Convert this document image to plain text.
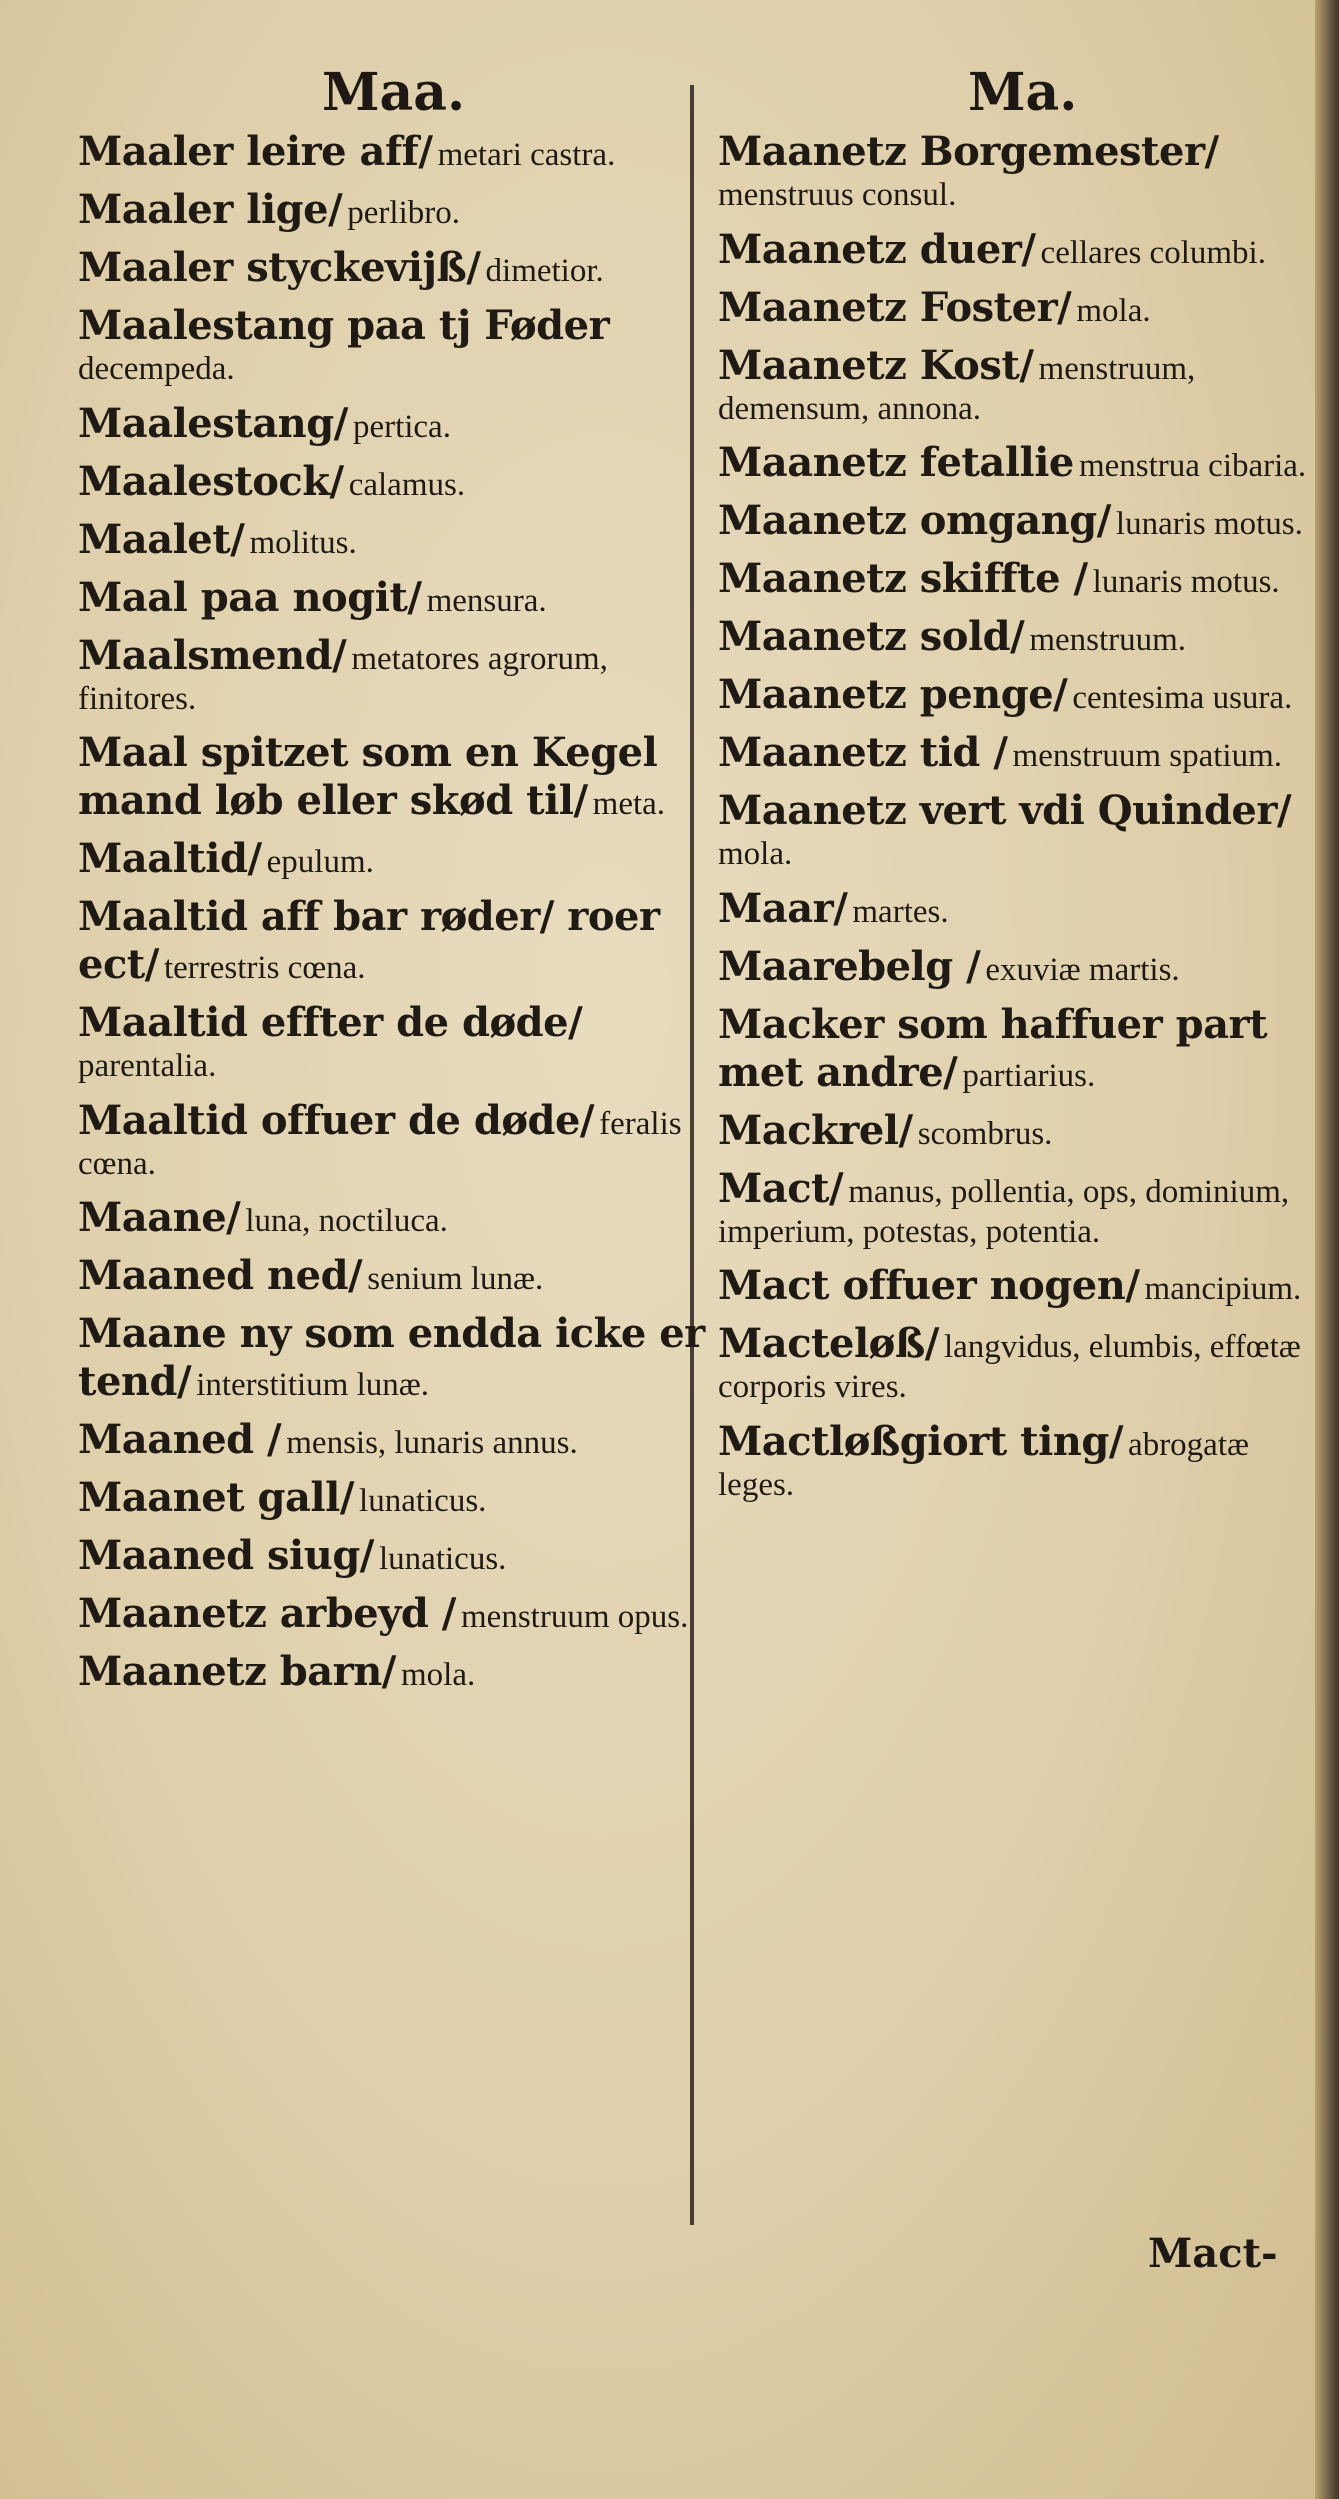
Maa.	Ma.
Maaler leire aff/ metari castra.
Maaler lige/ perlibro.
Maaler styckevijß/ dimetior.
Maalestang paa tj Føder decempeda.
Maalestang/ pertica.
Maalestock/ calamus.
Maalet/ molitus.
Maal paa nogit/ mensura.
Maalsmend/ metatores agrorum, finitores.
Maal spitzet som en Kegel mand løb eller skød til/ meta.
Maaltid/ epulum.
Maaltid aff bar røder/ roer ect/ terrestris cœna.
Maaltid effter de døde/ parentalia.
Maaltid offuer de døde/ feralis cœna.
Maane/ luna, noctiluca.
Maaned ned/ senium lunæ.
Maane ny som endda icke er tend/ interstitium lunæ.
Maaned / mensis, lunaris annus.
Maanet gall/ lunaticus.
Maaned siug/ lunaticus.
Maanetz arbeyd / menstruum opus.
Maanetz barn/ mola.
Maanetz Borgemester/ menstruus consul.
Maanetz duer/ cellares columbi.
Maanetz Foster/ mola.
Maanetz Kost/ menstruum, demensum, annona.
Maanetz fetallie menstrua cibaria.
Maanetz omgang/ lunaris motus.
Maanetz skiffte / lunaris motus.
Maanetz sold/ menstruum.
Maanetz penge/ centesima usura.
Maanetz tid / menstruum spatium.
Maanetz vert vdi Quinder/ mola.
Maar/ martes.
Maarebelg / exuviæ martis.
Macker som haffuer part met andre/ partiarius.
Mackrel/ scombrus.
Mact/ manus, pollentia, ops, dominium, imperium, potestas, potentia.
Mact offuer nogen/ mancipium.
Macteløß/ langvidus, elumbis, effœtæ corporis vires.
Mactløßgiort ting/ abrogatæ leges.
Mact-
